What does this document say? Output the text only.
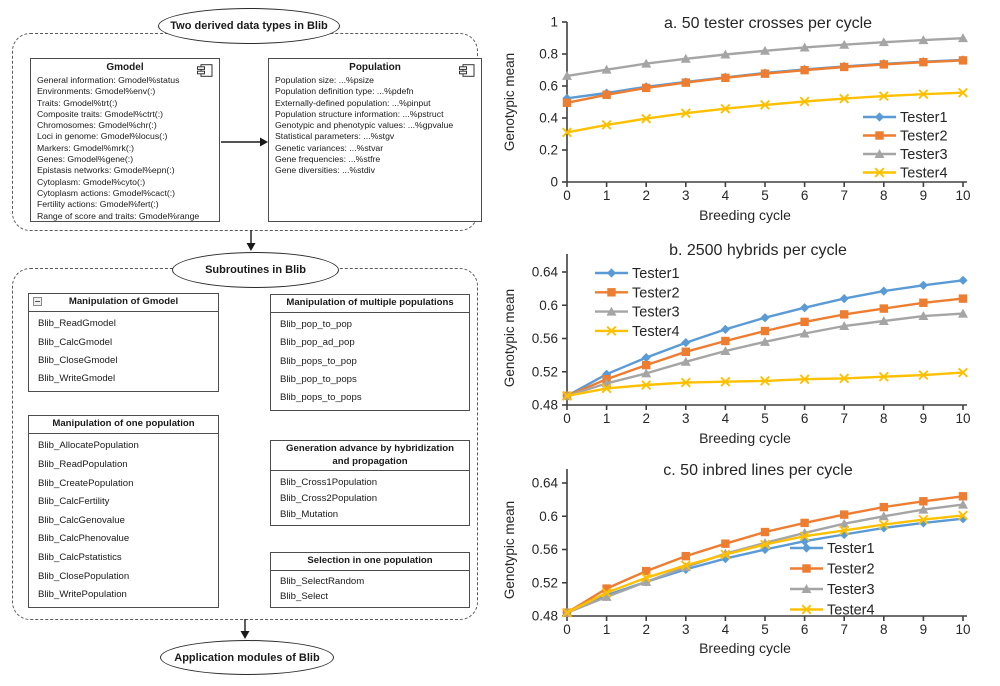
Two derived data types in Blib
Gmodel
General information: Gmodel%status
Environments: Gmodel%env(:)
Traits: Gmodel%trt(:)
Composite traits: Gmodel%ctrt(:)
Chromosomes: Gmodel%chr(:)
Loci in genome: Gmodel%locus(:)
Markers: Gmodel%mrk(:)
Genes: Gmodel%gene(:)
Epistasis networks: Gmodel%epn(:)
Cytoplasm: Gmodel%cyto(:)
Cytoplasm actions: Gmodel%cact(:)
Fertility actions: Gmodel%fert(:)
Range of score and traits: Gmodel%range
Population
Population size: ...%psize
Population definition type: ...%pdefn
Externally-defined population: ...%pinput
Population structure information: ...%pstruct
Genotypic and phenotypic values: ...%gpvalue
Statistical parameters: ...%stgv
Genetic variances: ...%stvar
Gene frequencies: ...%stfre
Gene diversities: ...%stdiv
Subroutines in Blib
Manipulation of Gmodel
Blib_ReadGmodel
Blib_CalcGmodel
Blib_CloseGmodel
Blib_WriteGmodel
Manipulation of one population
Blib_AllocatePopulation
Blib_ReadPopulation
Blib_CreatePopulation
Blib_CalcFertility
Blib_CalcGenovalue
Blib_CalcPhenovalue
Blib_CalcPstatistics
Blib_ClosePopulation
Blib_WritePopulation
Manipulation of multiple populations
Blib_pop_to_pop
Blib_pop_ad_pop
Blib_pops_to_pop
Blib_pop_to_pops
Blib_pops_to_pops
Generation advance by hybridization and propagation
Blib_Cross1Population
Blib_Cross2Population
Blib_Mutation
Selection in one population
Blib_SelectRandom
Blib_Select
Application modules of Blib
0
0.2
0.4
0.6
0.8
1
0 1 2 3 4 5 6 7 8 9 10
a. 50 tester crosses per cycle
Breeding cycle
Genotypic mean	Tester1
Tester2
Tester3
Tester4
0.48
0.52
0.56
0.6
0.64
0 1 2 3 4 5 6 7 8 9 10
b. 2500 hybrids per cycle
Breeding cycle
Genotypic mean
Tester1
Tester2
Tester3
Tester4
0.48
0.52
0.56
0.6
0.64
0 1 2 3 4 5 6 7 8 9 10
c. 50 inbred lines per cycle
Breeding cycle
Genotypic mean	Tester1
Tester2
Tester3
Tester4
